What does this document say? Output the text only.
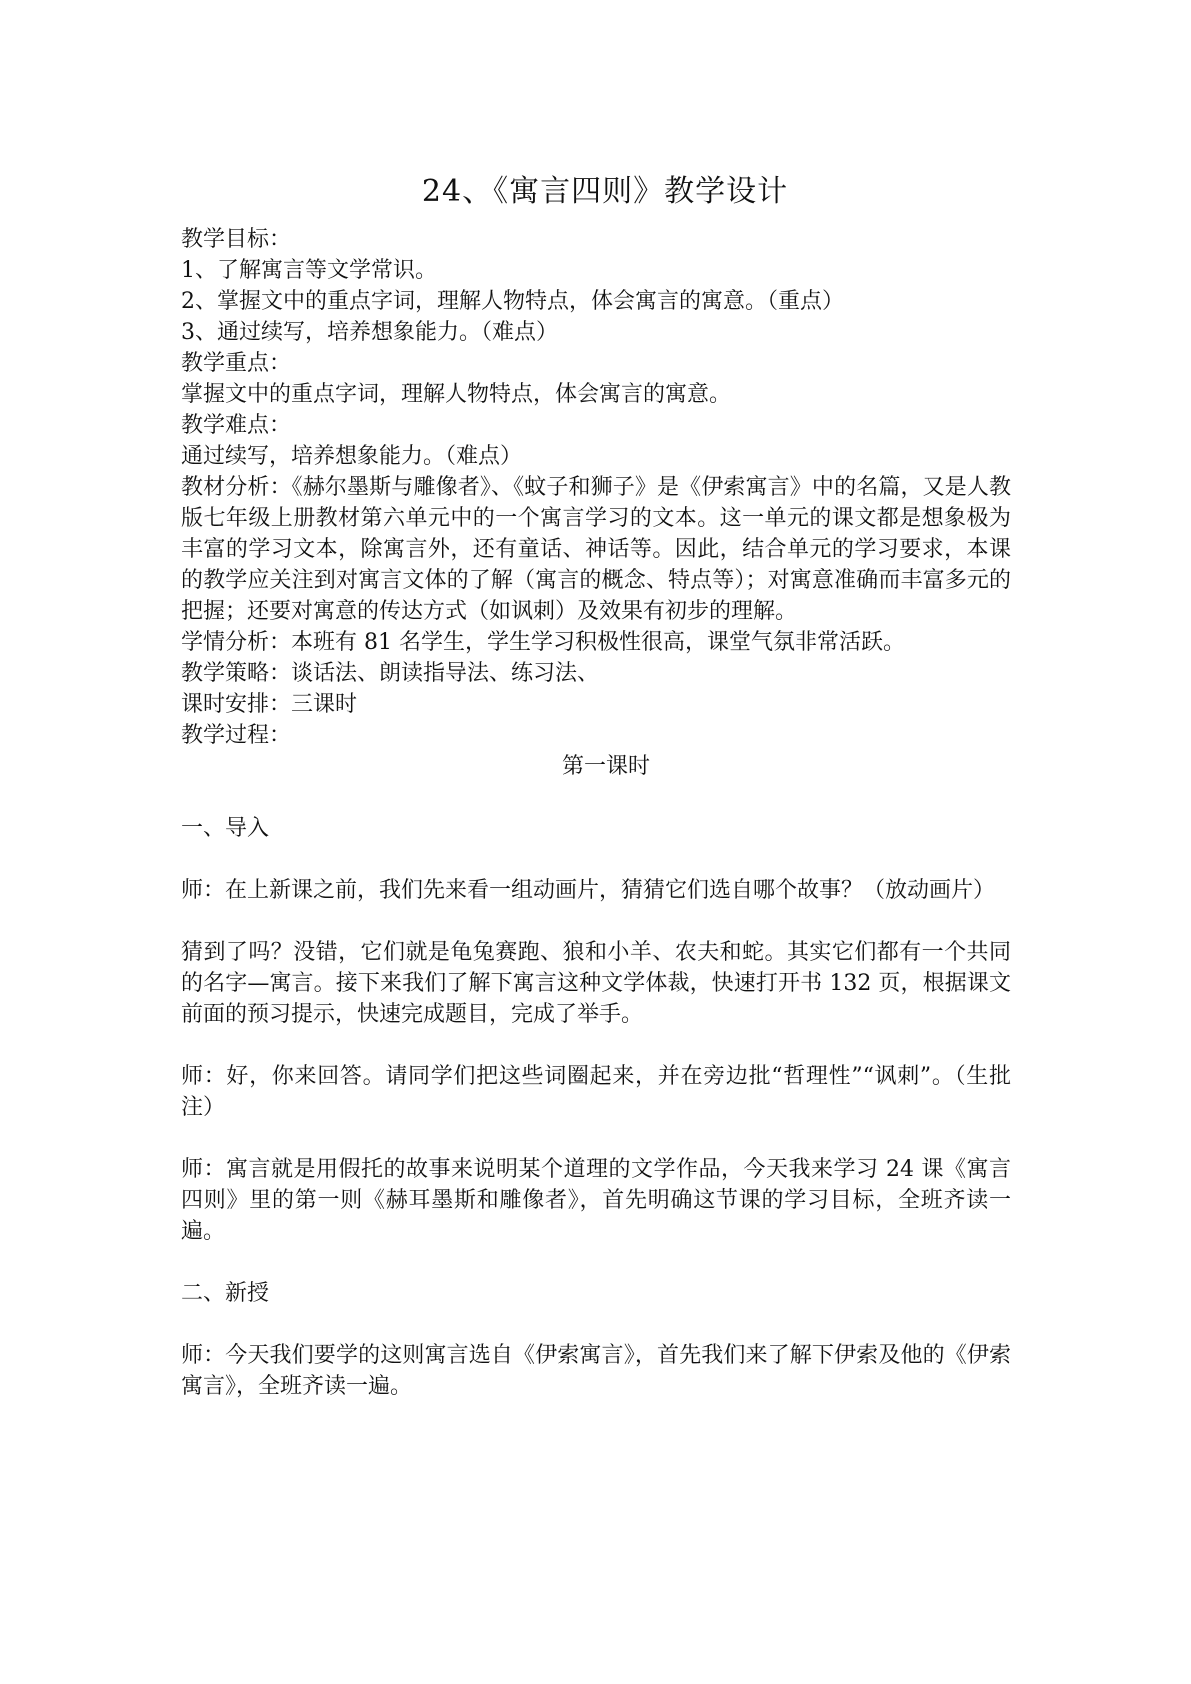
24、《寓言四则》教学设计

教学目标：

1、了解寓言等文学常识。

2、掌握文中的重点字词，理解人物特点，体会寓言的寓意。（重点）

3、通过续写，培养想象能力。（难点）

教学重点：

掌握文中的重点字词，理解人物特点，体会寓言的寓意。

教学难点：

通过续写，培养想象能力。（难点）

教材分析：《赫尔墨斯与雕像者》、《蚊子和狮子》是《伊索寓言》中的名篇，又是人教版七年级上册教材第六单元中的一个寓言学习的文本。这一单元的课文都是想象极为丰富的学习文本，除寓言外，还有童话、神话等。因此，结合单元的学习要求，本课的教学应关注到对寓言文体的了解（寓言的概念、特点等）；对寓意准确而丰富多元的把握；还要对寓意的传达方式（如讽刺）及效果有初步的理解。

学情分析：本班有 81 名学生，学生学习积极性很高，课堂气氛非常活跃。

教学策略：谈话法、朗读指导法、练习法、

课时安排：三课时

教学过程：

第一课时

一、导入

师：在上新课之前，我们先来看一组动画片，猜猜它们选自哪个故事？（放动画片）

猜到了吗？没错，它们就是龟兔赛跑、狼和小羊、农夫和蛇。其实它们都有一个共同的名字—寓言。接下来我们了解下寓言这种文学体裁，快速打开书 132 页，根据课文前面的预习提示，快速完成题目，完成了举手。

师：好，你来回答。请同学们把这些词圈起来，并在旁边批“哲理性”“讽刺”。（生批注）

师：寓言就是用假托的故事来说明某个道理的文学作品，今天我来学习 24 课《寓言四则》里的第一则《赫耳墨斯和雕像者》，首先明确这节课的学习目标，全班齐读一遍。

二、新授

师：今天我们要学的这则寓言选自《伊索寓言》，首先我们来了解下伊索及他的《伊索寓言》，全班齐读一遍。
